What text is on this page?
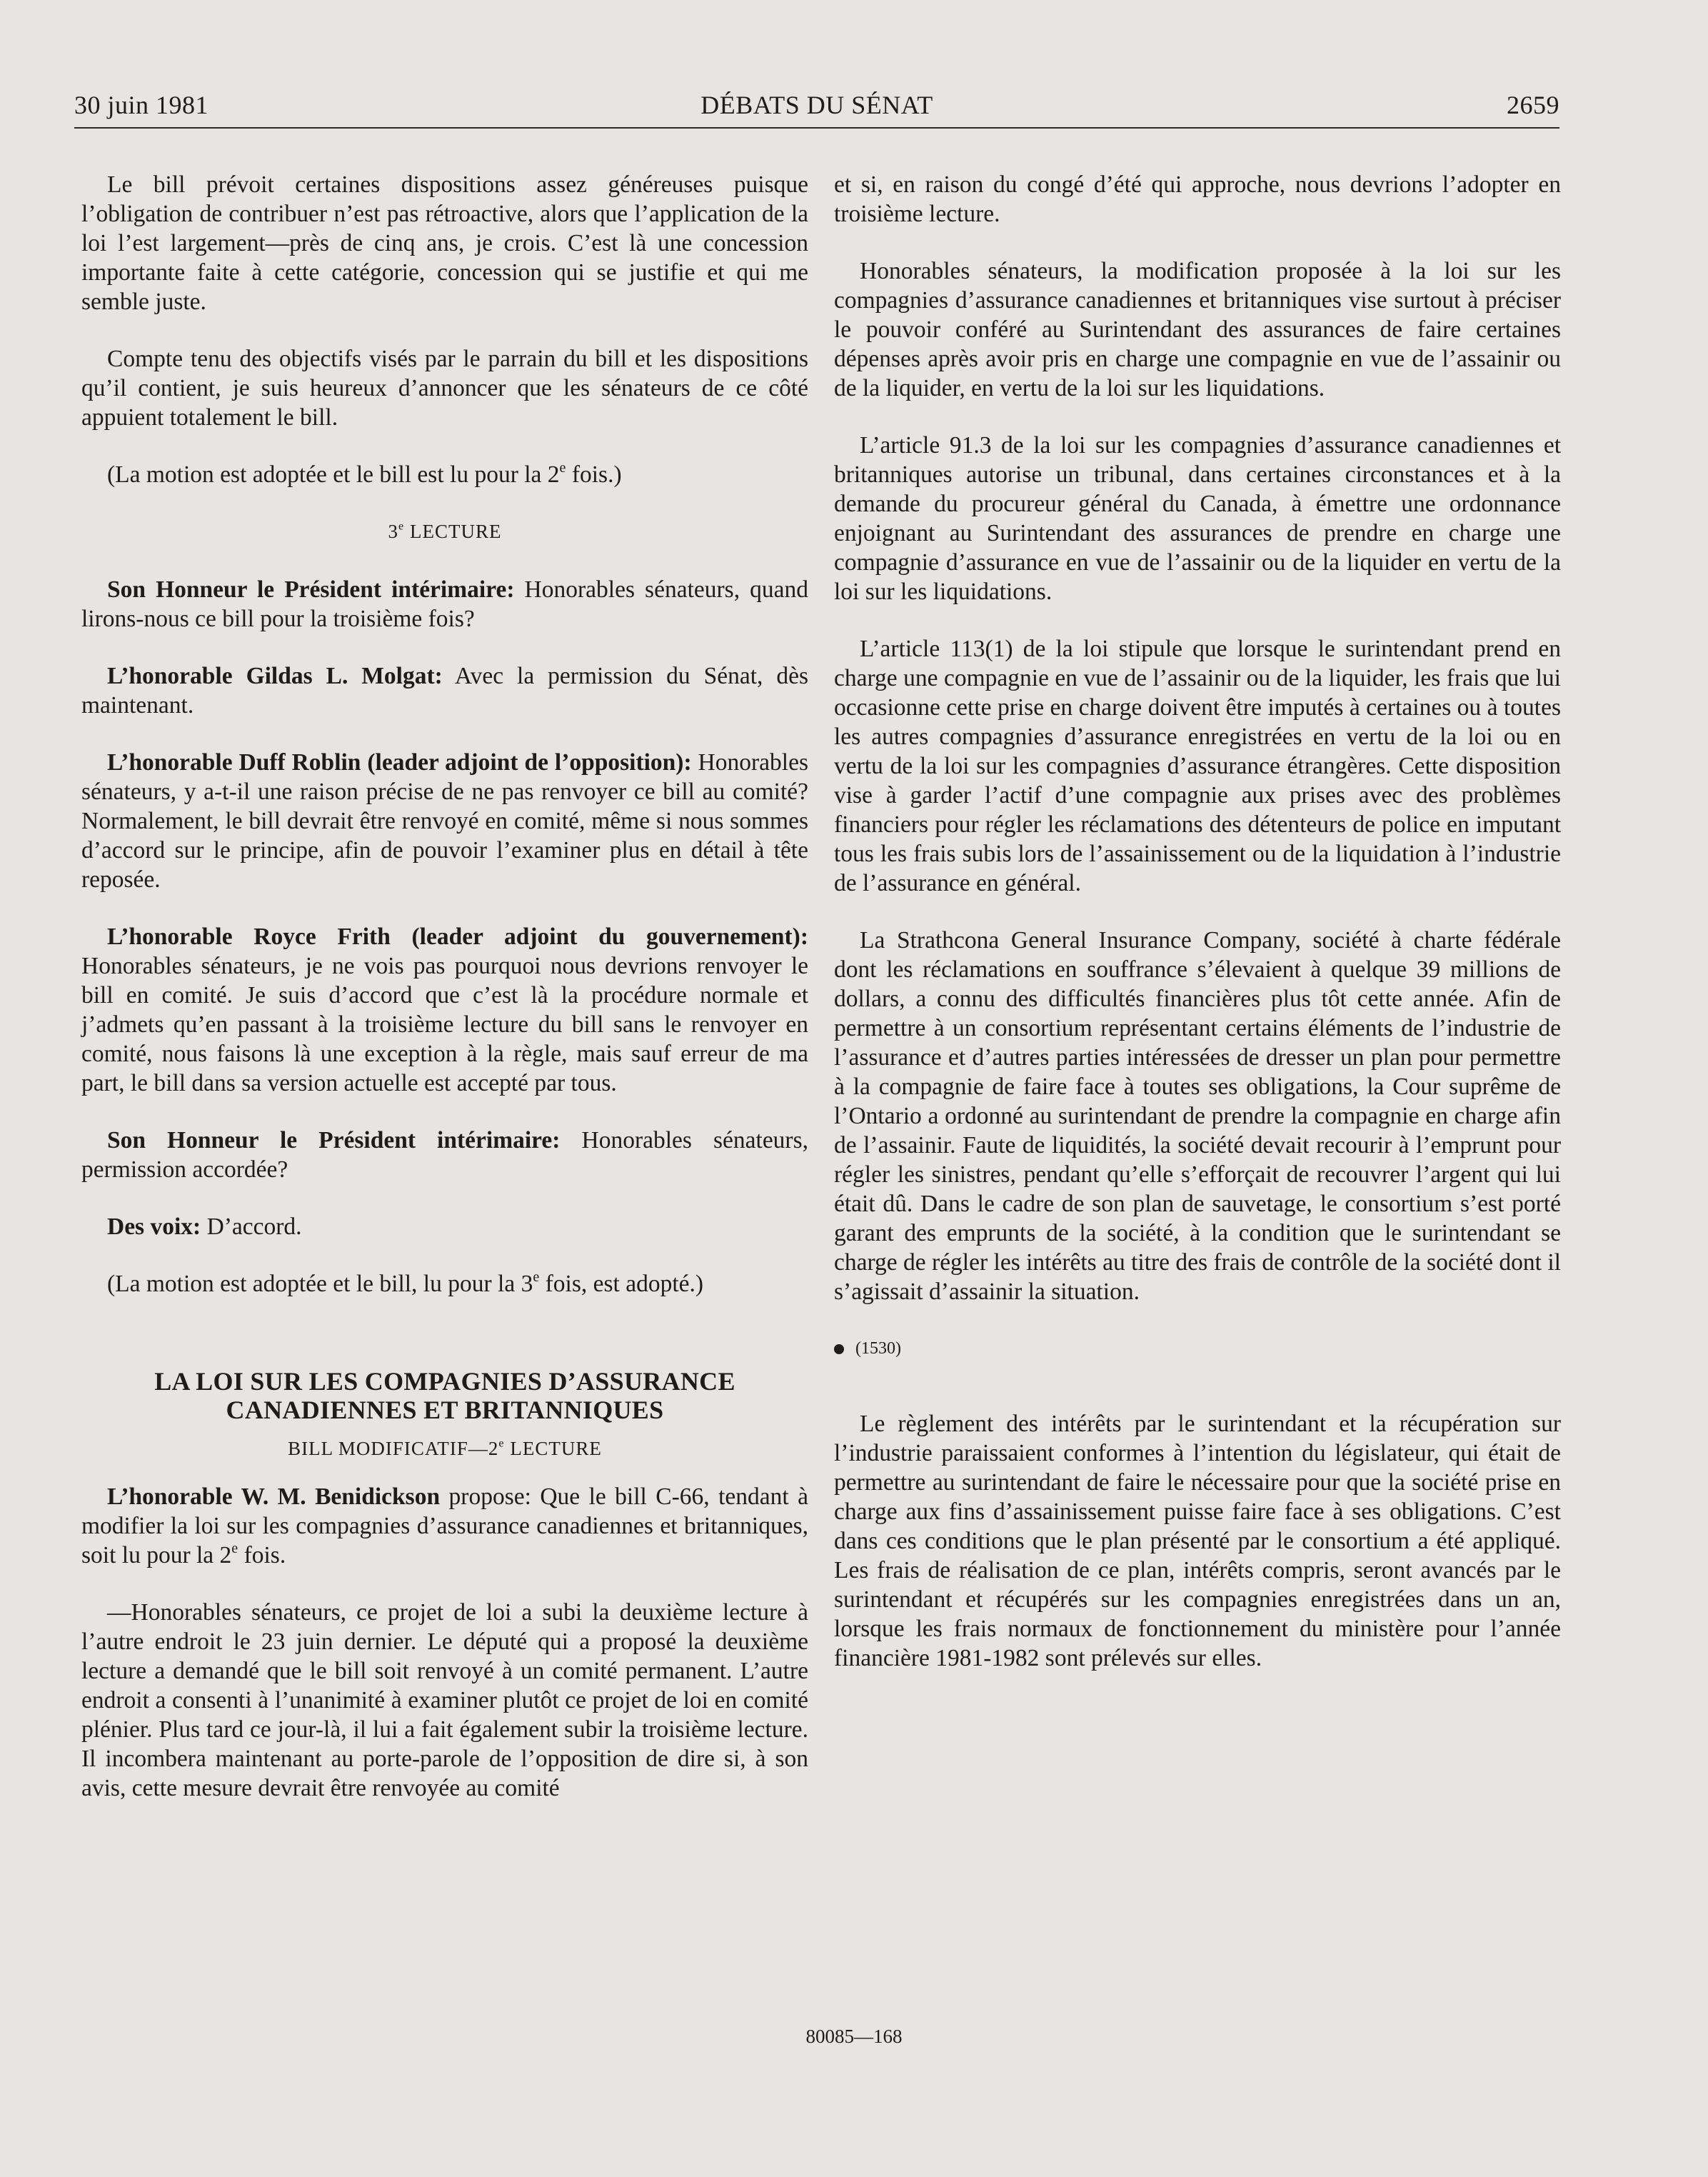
30 juin 1981	DÉBATS DU SÉNAT	2659

Le bill prévoit certaines dispositions assez généreuses puisque l’obligation de contribuer n’est pas rétroactive, alors que l’application de la loi l’est largement—près de cinq ans, je crois. C’est là une concession importante faite à cette catégorie, concession qui se justifie et qui me semble juste.

Compte tenu des objectifs visés par le parrain du bill et les dispositions qu’il contient, je suis heureux d’annoncer que les sénateurs de ce côté appuient totalement le bill.

(La motion est adoptée et le bill est lu pour la 2e fois.)

3e LECTURE

Son Honneur le Président intérimaire: Honorables sénateurs, quand lirons-nous ce bill pour la troisième fois?

L’honorable Gildas L. Molgat: Avec la permission du Sénat, dès maintenant.

L’honorable Duff Roblin (leader adjoint de l’opposition): Honorables sénateurs, y a-t-il une raison précise de ne pas renvoyer ce bill au comité? Normalement, le bill devrait être renvoyé en comité, même si nous sommes d’accord sur le principe, afin de pouvoir l’examiner plus en détail à tête reposée.

L’honorable Royce Frith (leader adjoint du gouvernement): Honorables sénateurs, je ne vois pas pourquoi nous devrions renvoyer le bill en comité. Je suis d’accord que c’est là la procédure normale et j’admets qu’en passant à la troisième lecture du bill sans le renvoyer en comité, nous faisons là une exception à la règle, mais sauf erreur de ma part, le bill dans sa version actuelle est accepté par tous.

Son Honneur le Président intérimaire: Honorables sénateurs, permission accordée?

Des voix: D’accord.

(La motion est adoptée et le bill, lu pour la 3e fois, est adopté.)

LA LOI SUR LES COMPAGNIES D’ASSURANCE
CANADIENNES ET BRITANNIQUES
BILL MODIFICATIF—2e LECTURE

L’honorable W. M. Benidickson propose: Que le bill C-66, tendant à modifier la loi sur les compagnies d’assurance canadiennes et britanniques, soit lu pour la 2e fois.

—Honorables sénateurs, ce projet de loi a subi la deuxième lecture à l’autre endroit le 23 juin dernier. Le député qui a proposé la deuxième lecture a demandé que le bill soit renvoyé à un comité permanent. L’autre endroit a consenti à l’unanimité à examiner plutôt ce projet de loi en comité plénier. Plus tard ce jour-là, il lui a fait également subir la troisième lecture. Il incombera maintenant au porte-parole de l’opposition de dire si, à son avis, cette mesure devrait être renvoyée au comité

et si, en raison du congé d’été qui approche, nous devrions l’adopter en troisième lecture.

Honorables sénateurs, la modification proposée à la loi sur les compagnies d’assurance canadiennes et britanniques vise surtout à préciser le pouvoir conféré au Surintendant des assurances de faire certaines dépenses après avoir pris en charge une compagnie en vue de l’assainir ou de la liquider, en vertu de la loi sur les liquidations.

L’article 91.3 de la loi sur les compagnies d’assurance canadiennes et britanniques autorise un tribunal, dans certaines circonstances et à la demande du procureur général du Canada, à émettre une ordonnance enjoignant au Surintendant des assurances de prendre en charge une compagnie d’assurance en vue de l’assainir ou de la liquider en vertu de la loi sur les liquidations.

L’article 113(1) de la loi stipule que lorsque le surintendant prend en charge une compagnie en vue de l’assainir ou de la liquider, les frais que lui occasionne cette prise en charge doivent être imputés à certaines ou à toutes les autres compagnies d’assurance enregistrées en vertu de la loi ou en vertu de la loi sur les compagnies d’assurance étrangères. Cette disposition vise à garder l’actif d’une compagnie aux prises avec des problèmes financiers pour régler les réclamations des détenteurs de police en imputant tous les frais subis lors de l’assainissement ou de la liquidation à l’industrie de l’assurance en général.

La Strathcona General Insurance Company, société à charte fédérale dont les réclamations en souffrance s’élevaient à quelque 39 millions de dollars, a connu des difficultés financières plus tôt cette année. Afin de permettre à un consortium représentant certains éléments de l’industrie de l’assurance et d’autres parties intéressées de dresser un plan pour permettre à la compagnie de faire face à toutes ses obligations, la Cour suprême de l’Ontario a ordonné au surintendant de prendre la compagnie en charge afin de l’assainir. Faute de liquidités, la société devait recourir à l’emprunt pour régler les sinistres, pendant qu’elle s’efforçait de recouvrer l’argent qui lui était dû. Dans le cadre de son plan de sauvetage, le consortium s’est porté garant des emprunts de la société, à la condition que le surintendant se charge de régler les intérêts au titre des frais de contrôle de la société dont il s’agissait d’assainir la situation.

(1530)

Le règlement des intérêts par le surintendant et la récupération sur l’industrie paraissaient conformes à l’intention du législateur, qui était de permettre au surintendant de faire le nécessaire pour que la société prise en charge aux fins d’assainissement puisse faire face à ses obligations. C’est dans ces conditions que le plan présenté par le consortium a été appliqué. Les frais de réalisation de ce plan, intérêts compris, seront avancés par le surintendant et récupérés sur les compagnies enregistrées dans un an, lorsque les frais normaux de fonctionnement du ministère pour l’année financière 1981-1982 sont prélevés sur elles.

80085—168
